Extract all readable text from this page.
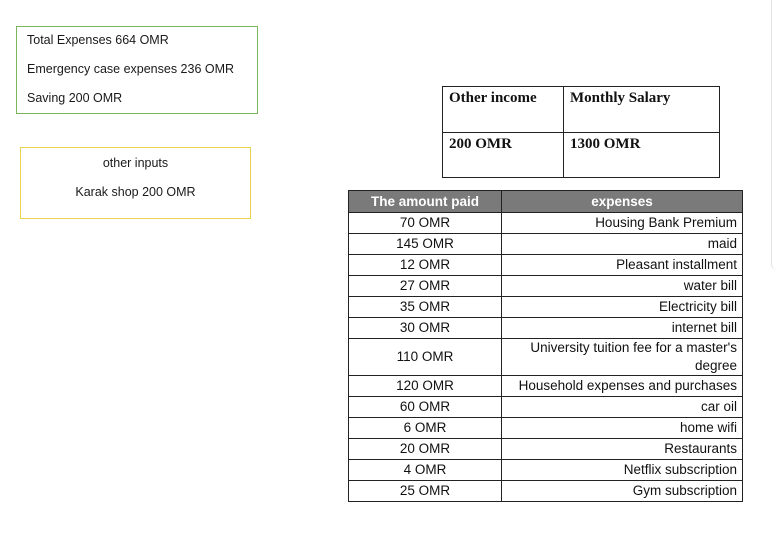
Total Expenses 664 OMR
Emergency case expenses 236 OMR
Saving 200 OMR
other inputs
Karak shop 200 OMR
Other income	Monthly Salary
200 OMR	1300 OMR
The amount paid	expenses
70 OMR	Housing Bank Premium
145 OMR	maid
12 OMR	Pleasant installment
27 OMR	water bill
35 OMR	Electricity bill
30 OMR	internet bill
110 OMR	University tuition fee for a master's degree
120 OMR	Household expenses and purchases
60 OMR	car oil
6 OMR	home wifi
20 OMR	Restaurants
4 OMR	Netflix subscription
25 OMR	Gym subscription
